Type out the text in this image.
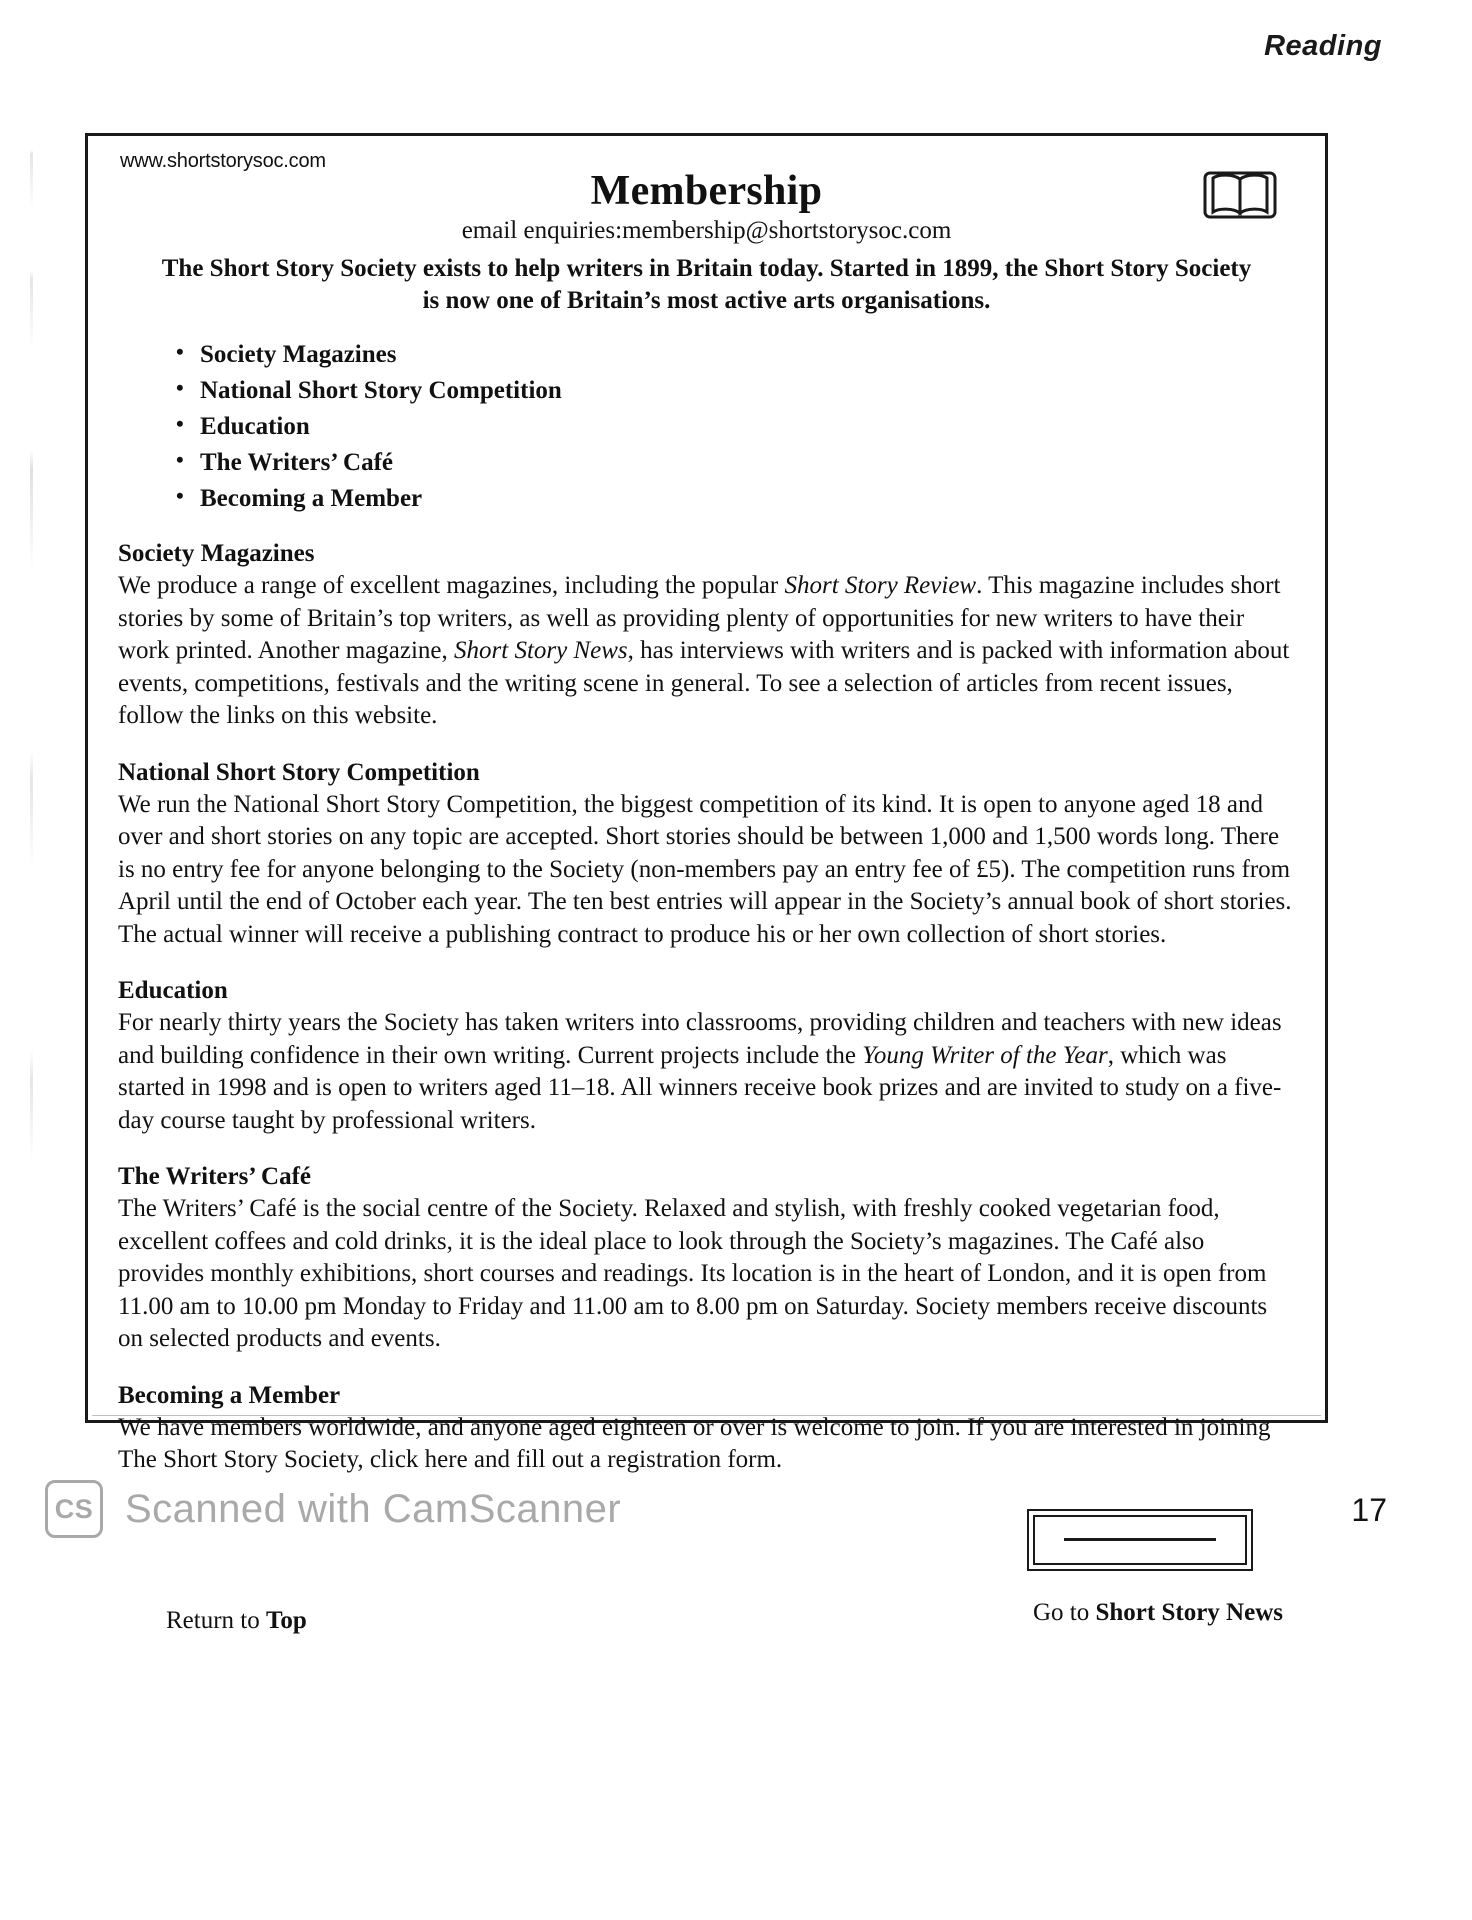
Reading
www.shortstorysoc.com
Membership
email enquiries:membership@shortstorysoc.com
The Short Story Society exists to help writers in Britain today. Started in 1899, the Short Story Society is now one of Britain’s most active arts organisations.
• Society Magazines
• National Short Story Competition
• Education
• The Writers’ Café
• Becoming a Member
Society Magazines

We produce a range of excellent magazines, including the popular Short Story Review. This magazine includes short stories by some of Britain’s top writers, as well as providing plenty of opportunities for new writers to have their work printed. Another magazine, Short Story News, has interviews with writers and is packed with information about events, competitions, festivals and the writing scene in general. To see a selection of articles from recent issues, follow the links on this website.

National Short Story Competition

We run the National Short Story Competition, the biggest competition of its kind. It is open to anyone aged 18 and over and short stories on any topic are accepted. Short stories should be between 1,000 and 1,500 words long. There is no entry fee for anyone belonging to the Society (non-members pay an entry fee of £5). The competition runs from April until the end of October each year. The ten best entries will appear in the Society’s annual book of short stories. The actual winner will receive a publishing contract to produce his or her own collection of short stories.

Education

For nearly thirty years the Society has taken writers into classrooms, providing children and teachers with new ideas and building confidence in their own writing. Current projects include the Young Writer of the Year, which was started in 1998 and is open to writers aged 11–18. All winners receive book prizes and are invited to study on a five-day course taught by professional writers.

The Writers’ Café

The Writers’ Café is the social centre of the Society. Relaxed and stylish, with freshly cooked vegetarian food, excellent coffees and cold drinks, it is the ideal place to look through the Society’s magazines. The Café also provides monthly exhibitions, short courses and readings. Its location is in the heart of London, and it is open from 11.00 am to 10.00 pm Monday to Friday and 11.00 am to 8.00 pm on Saturday. Society members receive discounts on selected products and events.

Becoming a Member

We have members worldwide, and anyone aged eighteen or over is welcome to join. If you are interested in joining The Short Story Society, click here and fill out a registration form.

Return to Top	Go to Short Story News
CS Scanned with CamScanner	17
